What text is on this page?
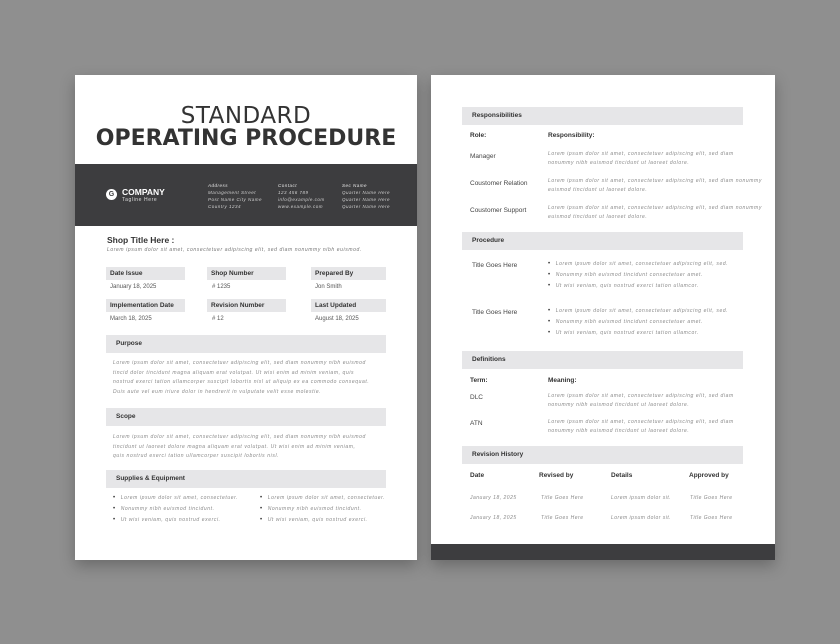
STANDARD
OPERATING PROCEDURE
G COMPANY
Tagline Here
Address
Management Street
Post Name City Name
Country 1234
Contact
123 456 789
info@example.com
www.example.com
Sec Name
Quarter Name Here
Quarter Name Here
Quarter Name Here
Shop Title Here :
Lorem ipsum dolor sit amet, consectetuer adipiscing elit, sed diam nonummy nibh euismod.
Date Issue
January 18, 2025
Shop Number
# 1235
Prepared By
Jon Smith
Implementation Date
March 18, 2025
Revision Number
# 12
Last Updated
August 18, 2025
Purpose
Lorem ipsum dolor sit amet, consectetuer adipiscing elit, sed diam nonummy nibh euismod
tincid dolor tincidunt magna aliquam erat volutpat. Ut wisi enim ad minim veniam, quis
nostrud exerci tation ullamcorper suscipit lobortis nisl ut aliquip ex ea commodo consequat.
Duis aute vel eum iriure dolor in hendrerit in vulputate velit esse molestie.
Scope
Lorem ipsum dolor sit amet, consectetuer adipiscing elit, sed diam nonummy nibh euismod
tincidunt ut laoreet dolore magna aliquam erat volutpat. Ut wisi enim ad minim veniam,
quis nostrud exerci tation ullamcorper suscipit lobortis nisl.
Supplies & Equipment
• Lorem ipsum dolor sit amet, consectetuer.
• Nonummy nibh euismod tincidunt.
• Ut wisi veniam, quis nostrud exerci.
• Lorem ipsum dolor sit amet, consectetuer.
• Nonummy nibh euismod tincidunt.
• Ut wisi veniam, quis nostrud exerci.
Responsibilities
Role:	Responsibility:
Manager	Lorem ipsum dolor sit amet, consectetuer adipiscing elit, sed diam
nonummy nibh euismod tincidunt ut laoreet dolore.
Coustomer Relation	Lorem ipsum dolor sit amet, consectetuer adipiscing elit, sed diam nonummy
euismod tincidunt ut laoreet dolore.
Coustomer Support	Lorem ipsum dolor sit amet, consectetuer adipiscing elit, sed diam nonummy
euismod tincidunt ut laoreet dolore.
Procedure
Title Goes Here	• Lorem ipsum dolor sit amet, consectetuer adipiscing elit, sed.
• Nonummy nibh euismod tincidunt consectetuer amet.
• Ut wisi veniam, quis nostrud exerci tation ullamcor.
Title Goes Here	• Lorem ipsum dolor sit amet, consectetuer adipiscing elit, sed.
• Nonummy nibh euismod tincidunt consectetuer amet.
• Ut wisi veniam, quis nostrud exerci tation ullamcor.
Definitions
Term:	Meaning:
DLC	Lorem ipsum dolor sit amet, consectetuer adipiscing elit, sed diam
nonummy nibh euismod tincidunt ut laoreet dolore.
ATN	Lorem ipsum dolor sit amet, consectetuer adipiscing elit, sed diam
nonummy nibh euismod tincidunt ut laoreet dolore.
Revision History
Date	Revised by	Details	Approved by
January 18, 2025	Title Goes Here	Lorem ipsum dolor sit.	Title Goes Here
January 18, 2025	Title Goes Here	Lorem ipsum dolor sit.	Title Goes Here
